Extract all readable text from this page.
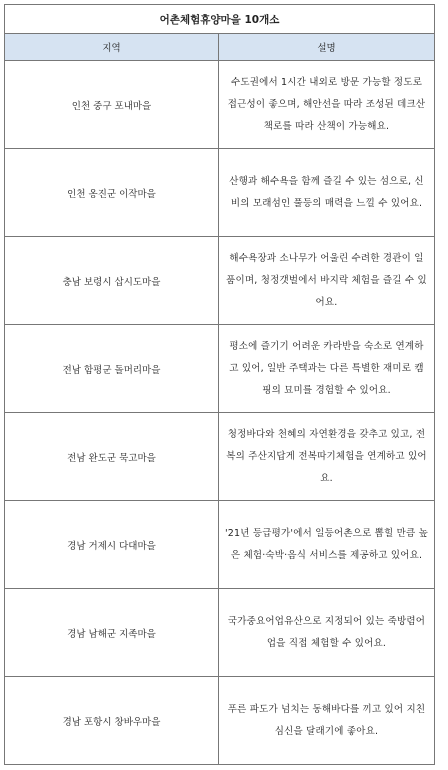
어촌체험휴양마을 10개소	
지역	설명
인천 중구 포내마을	수도권에서 1시간 내외로 방문 가능할 정도로 접근성이 좋으며, 해안선을 따라 조성된 데크산책로를 따라 산책이 가능해요.
인천 옹진군 이작마을	산행과 해수욕을 함께 즐길 수 있는 섬으로, 신비의 모래섬인 풀등의 매력을 느낄 수 있어요.
충남 보령시 삽시도마을	해수욕장과 소나무가 어울린 수려한 경관이 일품이며, 청정갯벌에서 바지락 체험을 즐길 수 있어요.
전남 함평군 돌머리마을	평소에 즐기기 어려운 카라반을 숙소로 연계하고 있어, 일반 주택과는 다른 특별한 재미로 캠핑의 묘미를 경험할 수 있어요.
전남 완도군 묵고마을	청정바다와 천혜의 자연환경을 갖추고 있고, 전복의 주산지답게 전복따기체험을 연계하고 있어요.
경남 거제시 다대마을	'21년 등급평가'에서 일등어촌으로 뽑힐 만큼 높은 체험·숙박·음식 서비스를 제공하고 있어요.
경남 남해군 지족마을	국가중요어업유산으로 지정되어 있는 죽방렴어업을 직접 체험할 수 있어요.
경남 포항시 창바우마을	푸른 파도가 넘치는 동해바다를 끼고 있어 지친 심신을 달래기에 좋아요.
